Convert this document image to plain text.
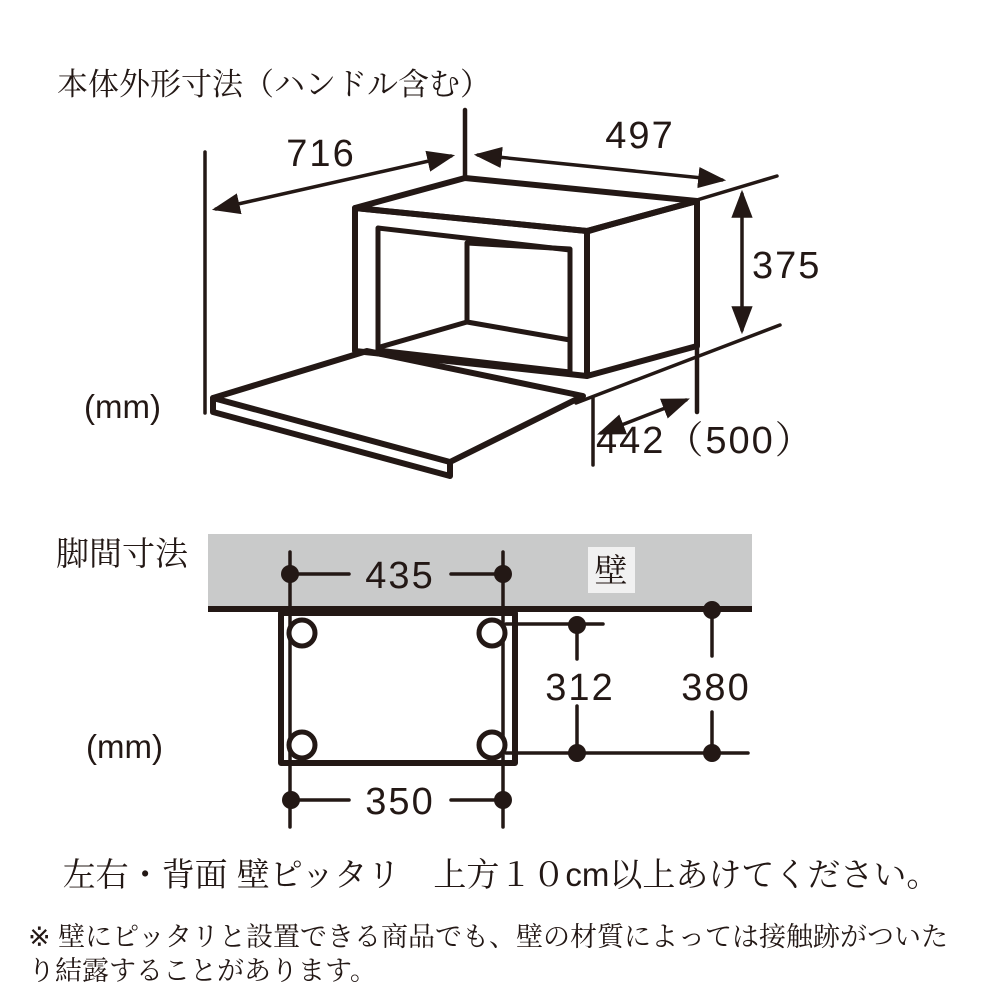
本体外形寸法（ハンドル含む）
716	497
375
442（500）
(mm)
脚間寸法	壁
435
350
312 380
(mm)
左右・背面 壁ピッタリ　上方１０cm以上あけてください。
※ 壁にピッタリと設置できる商品でも、壁の材質によっては接触跡がついた
り結露することがあります。
